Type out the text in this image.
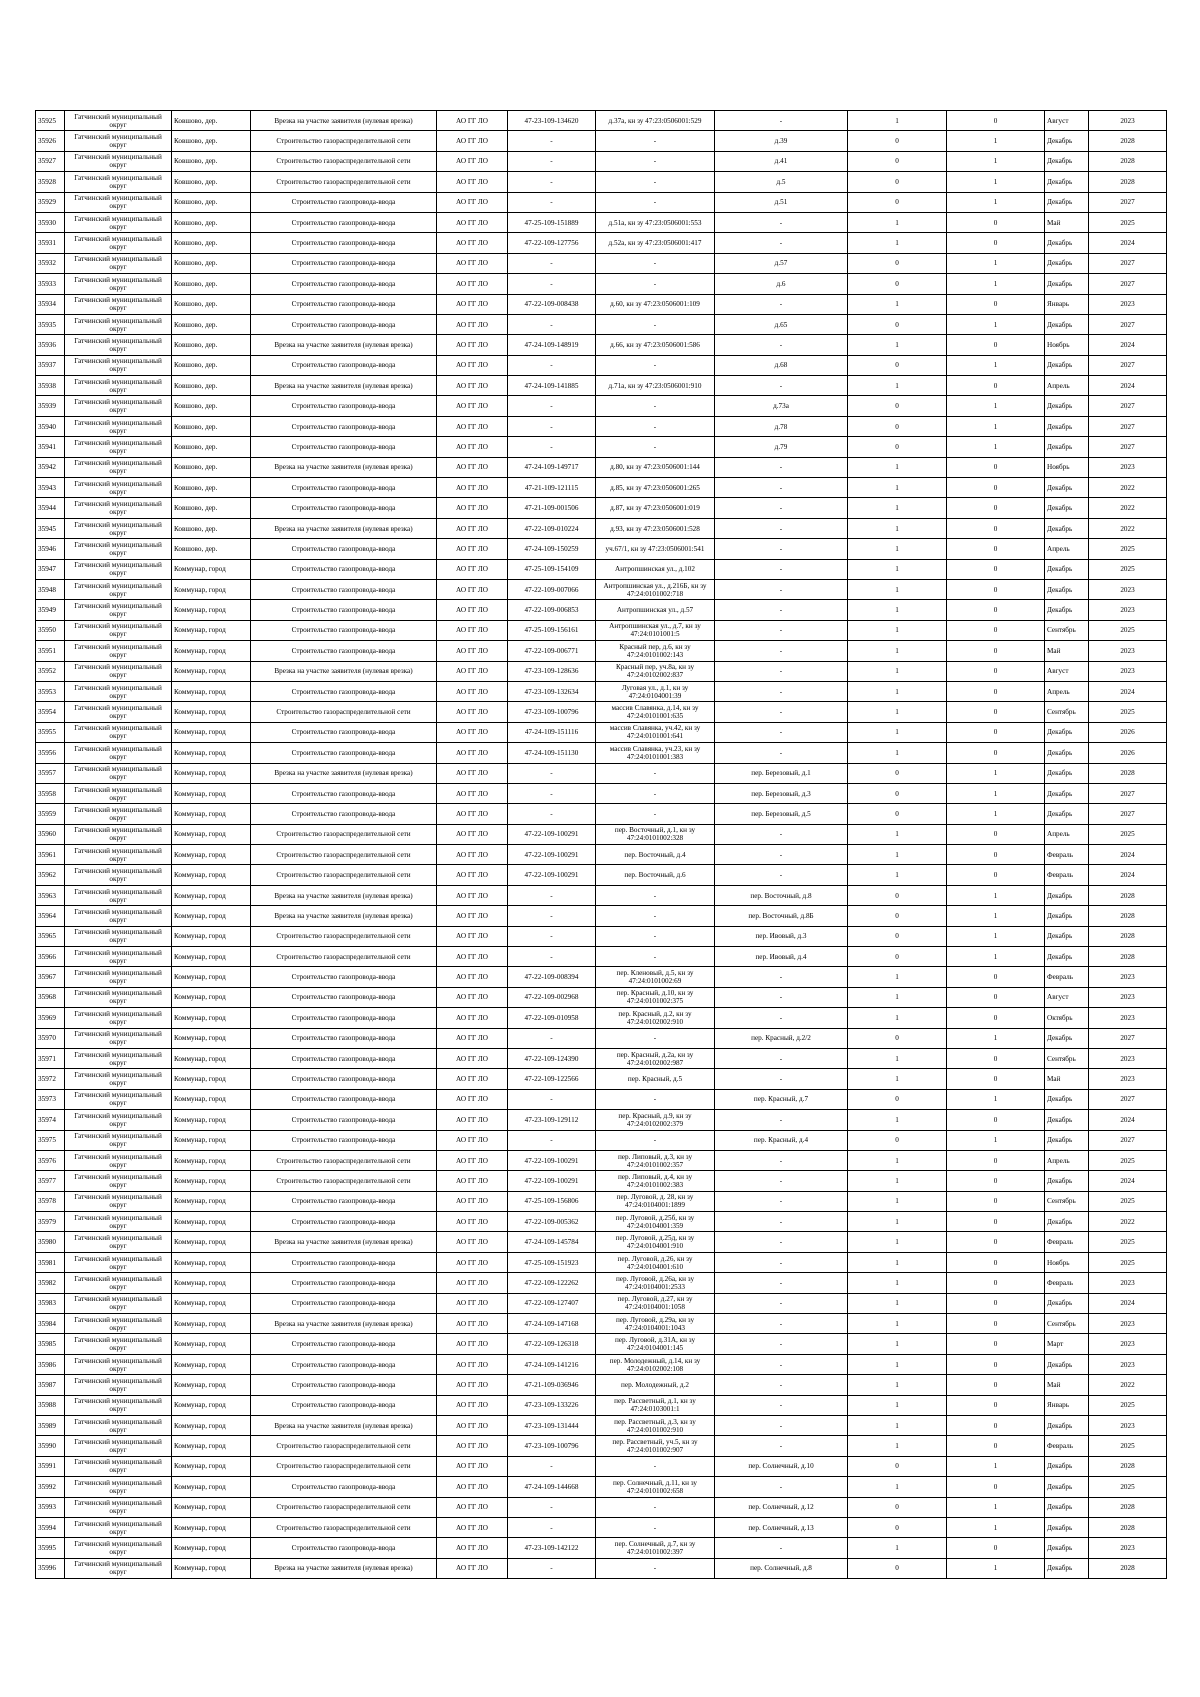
35925	Гатчинский муниципальный округ	Ковшово, дер.	Врезка на участке заявителя (нулевая врезка)	АО ГГ ЛО	47-23-109-134620	д.37а, кн зу 47:23:0506001:529	-	1	0	Август	2023
35926	Гатчинский муниципальный округ	Ковшово, дер.	Строительство газораспределительной сети	АО ГГ ЛО	-	-	д.39	0	1	Декабрь	2028
35927	Гатчинский муниципальный округ	Ковшово, дер.	Строительство газораспределительной сети	АО ГГ ЛО	-	-	д.41	0	1	Декабрь	2028
35928	Гатчинский муниципальный округ	Ковшово, дер.	Строительство газораспределительной сети	АО ГГ ЛО	-	-	д.5	0	1	Декабрь	2028
35929	Гатчинский муниципальный округ	Ковшово, дер.	Строительство газопровода-ввода	АО ГГ ЛО	-	-	д.51	0	1	Декабрь	2027
35930	Гатчинский муниципальный округ	Ковшово, дер.	Строительство газопровода-ввода	АО ГГ ЛО	47-25-109-151889	д.51а, кн зу 47:23:0506001:553	-	1	0	Май	2025
35931	Гатчинский муниципальный округ	Ковшово, дер.	Строительство газопровода-ввода	АО ГГ ЛО	47-22-109-127756	д.52а, кн зу 47:23:0506001:417	-	1	0	Декабрь	2024
35932	Гатчинский муниципальный округ	Ковшово, дер.	Строительство газопровода-ввода	АО ГГ ЛО	-	-	д.57	0	1	Декабрь	2027
35933	Гатчинский муниципальный округ	Ковшово, дер.	Строительство газопровода-ввода	АО ГГ ЛО	-	-	д.6	0	1	Декабрь	2027
35934	Гатчинский муниципальный округ	Ковшово, дер.	Строительство газопровода-ввода	АО ГГ ЛО	47-22-109-008438	д.60, кн зу 47:23:0506001:109	-	1	0	Январь	2023
35935	Гатчинский муниципальный округ	Ковшово, дер.	Строительство газопровода-ввода	АО ГГ ЛО	-	-	д.65	0	1	Декабрь	2027
35936	Гатчинский муниципальный округ	Ковшово, дер.	Врезка на участке заявителя (нулевая врезка)	АО ГГ ЛО	47-24-109-148919	д.66, кн зу 47:23:0506001:586	-	1	0	Ноябрь	2024
35937	Гатчинский муниципальный округ	Ковшово, дер.	Строительство газопровода-ввода	АО ГГ ЛО	-	-	д.68	0	1	Декабрь	2027
35938	Гатчинский муниципальный округ	Ковшово, дер.	Врезка на участке заявителя (нулевая врезка)	АО ГГ ЛО	47-24-109-141885	д.71а, кн зу 47:23:0506001:910	-	1	0	Апрель	2024
35939	Гатчинский муниципальный округ	Ковшово, дер.	Строительство газопровода-ввода	АО ГГ ЛО	-	-	д.73а	0	1	Декабрь	2027
35940	Гатчинский муниципальный округ	Ковшово, дер.	Строительство газопровода-ввода	АО ГГ ЛО	-	-	д.78	0	1	Декабрь	2027
35941	Гатчинский муниципальный округ	Ковшово, дер.	Строительство газопровода-ввода	АО ГГ ЛО	-	-	д.79	0	1	Декабрь	2027
35942	Гатчинский муниципальный округ	Ковшово, дер.	Врезка на участке заявителя (нулевая врезка)	АО ГГ ЛО	47-24-109-149717	д.80, кн зу 47:23:0506001:144	-	1	0	Ноябрь	2023
35943	Гатчинский муниципальный округ	Ковшово, дер.	Строительство газопровода-ввода	АО ГГ ЛО	47-21-109-121115	д.85, кн зу 47:23:0506001:265	-	1	0	Декабрь	2022
35944	Гатчинский муниципальный округ	Ковшово, дер.	Строительство газопровода-ввода	АО ГГ ЛО	47-21-109-001506	д.87, кн зу 47:23:0506001:019	-	1	0	Декабрь	2022
35945	Гатчинский муниципальный округ	Ковшово, дер.	Врезка на участке заявителя (нулевая врезка)	АО ГГ ЛО	47-22-109-010224	д.93, кн зу 47:23:0506001:528	-	1	0	Декабрь	2022
35946	Гатчинский муниципальный округ	Ковшово, дер.	Строительство газопровода-ввода	АО ГГ ЛО	47-24-109-150259	уч.67/1, кн зу 47:23:0506001:541	-	1	0	Апрель	2025
35947	Гатчинский муниципальный округ	Коммунар, город	Строительство газопровода-ввода	АО ГГ ЛО	47-25-109-154109	Антропшинская ул., д.102	-	1	0	Декабрь	2025
35948	Гатчинский муниципальный округ	Коммунар, город	Строительство газопровода-ввода	АО ГГ ЛО	47-22-109-007066	Антропшинская ул., д.216Б, кн зу 47:24:0101002:718	-	1	0	Декабрь	2023
35949	Гатчинский муниципальный округ	Коммунар, город	Строительство газопровода-ввода	АО ГГ ЛО	47-22-109-006853	Антропшинская ул., д.57	-	1	0	Декабрь	2023
35950	Гатчинский муниципальный округ	Коммунар, город	Строительство газопровода-ввода	АО ГГ ЛО	47-25-109-156161	Антропшинская ул., д.7, кн зу 47:24:0101001:5	-	1	0	Сентябрь	2025
35951	Гатчинский муниципальный округ	Коммунар, город	Строительство газопровода-ввода	АО ГГ ЛО	47-22-109-006771	Красный пер, д.6, кн зу 47:24:0101002:143	-	1	0	Май	2023
35952	Гатчинский муниципальный округ	Коммунар, город	Врезка на участке заявителя (нулевая врезка)	АО ГГ ЛО	47-23-109-128636	Красный пер, уч.8а, кн зу 47:24:0102002:837	-	1	0	Август	2023
35953	Гатчинский муниципальный округ	Коммунар, город	Строительство газопровода-ввода	АО ГГ ЛО	47-23-109-132634	Луговая ул., д.1, кн зу 47:24:0104001:39	-	1	0	Апрель	2024
35954	Гатчинский муниципальный округ	Коммунар, город	Строительство газораспределительной сети	АО ГГ ЛО	47-23-109-100796	массив Славянка, д.14, кн зу 47:24:0101001:635	-	1	0	Сентябрь	2025
35955	Гатчинский муниципальный округ	Коммунар, город	Строительство газопровода-ввода	АО ГГ ЛО	47-24-109-151116	массив Славянка, уч.42, кн зу 47:24:0101001:641	-	1	0	Декабрь	2026
35956	Гатчинский муниципальный округ	Коммунар, город	Строительство газопровода-ввода	АО ГГ ЛО	47-24-109-151130	массив Славянка, уч.23, кн зу 47:24:0101001:383	-	1	0	Декабрь	2026
35957	Гатчинский муниципальный округ	Коммунар, город	Врезка на участке заявителя (нулевая врезка)	АО ГГ ЛО	-	-	пер. Березовый, д.1	0	1	Декабрь	2028
35958	Гатчинский муниципальный округ	Коммунар, город	Строительство газопровода-ввода	АО ГГ ЛО	-	-	пер. Березовый, д.3	0	1	Декабрь	2027
35959	Гатчинский муниципальный округ	Коммунар, город	Строительство газопровода-ввода	АО ГГ ЛО	-	-	пер. Березовый, д.5	0	1	Декабрь	2027
35960	Гатчинский муниципальный округ	Коммунар, город	Строительство газораспределительной сети	АО ГГ ЛО	47-22-109-100291	пер. Восточный, д.1, кн зу 47:24:0101002:328	-	1	0	Апрель	2025
35961	Гатчинский муниципальный округ	Коммунар, город	Строительство газораспределительной сети	АО ГГ ЛО	47-22-109-100291	пер. Восточный, д.4	-	1	0	Февраль	2024
35962	Гатчинский муниципальный округ	Коммунар, город	Строительство газораспределительной сети	АО ГГ ЛО	47-22-109-100291	пер. Восточный, д.6	-	1	0	Февраль	2024
35963	Гатчинский муниципальный округ	Коммунар, город	Врезка на участке заявителя (нулевая врезка)	АО ГГ ЛО	-	-	пер. Восточный, д.8	0	1	Декабрь	2028
35964	Гатчинский муниципальный округ	Коммунар, город	Врезка на участке заявителя (нулевая врезка)	АО ГГ ЛО	-	-	пер. Восточный, д.8Б	0	1	Декабрь	2028
35965	Гатчинский муниципальный округ	Коммунар, город	Строительство газораспределительной сети	АО ГГ ЛО	-	-	пер. Ивовый, д.3	0	1	Декабрь	2028
35966	Гатчинский муниципальный округ	Коммунар, город	Строительство газораспределительной сети	АО ГГ ЛО	-	-	пер. Ивовый, д.4	0	1	Декабрь	2028
35967	Гатчинский муниципальный округ	Коммунар, город	Строительство газопровода-ввода	АО ГГ ЛО	47-22-109-008394	пер. Кленовый, д.5, кн зу 47:24:0101002:69	-	1	0	Февраль	2023
35968	Гатчинский муниципальный округ	Коммунар, город	Строительство газопровода-ввода	АО ГГ ЛО	47-22-109-002968	пер. Красный, д.10, кн зу 47:24:0101002:375	-	1	0	Август	2023
35969	Гатчинский муниципальный округ	Коммунар, город	Строительство газопровода-ввода	АО ГГ ЛО	47-22-109-010958	пер. Красный, д.2, кн зу 47:24:0102002:910	-	1	0	Октябрь	2023
35970	Гатчинский муниципальный округ	Коммунар, город	Строительство газопровода-ввода	АО ГГ ЛО	-	-	пер. Красный, д.2/2	0	1	Декабрь	2027
35971	Гатчинский муниципальный округ	Коммунар, город	Строительство газопровода-ввода	АО ГГ ЛО	47-22-109-124390	пер. Красный, д.2а, кн зу 47:24:0102002:987	-	1	0	Сентябрь	2023
35972	Гатчинский муниципальный округ	Коммунар, город	Строительство газопровода-ввода	АО ГГ ЛО	47-22-109-122566	пер. Красный, д.5	-	1	0	Май	2023
35973	Гатчинский муниципальный округ	Коммунар, город	Строительство газопровода-ввода	АО ГГ ЛО	-	-	пер. Красный, д.7	0	1	Декабрь	2027
35974	Гатчинский муниципальный округ	Коммунар, город	Строительство газопровода-ввода	АО ГГ ЛО	47-23-109-129112	пер. Красный, д.9, кн зу 47:24:0102002:379	-	1	0	Декабрь	2024
35975	Гатчинский муниципальный округ	Коммунар, город	Строительство газопровода-ввода	АО ГГ ЛО	-	-	пер. Красный, д.4	0	1	Декабрь	2027
35976	Гатчинский муниципальный округ	Коммунар, город	Строительство газораспределительной сети	АО ГГ ЛО	47-22-109-100291	пер. Липовый, д.3, кн зу 47:24:0101002:357	-	1	0	Апрель	2025
35977	Гатчинский муниципальный округ	Коммунар, город	Строительство газораспределительной сети	АО ГГ ЛО	47-22-109-100291	пер. Липовый, д.4, кн зу 47:24:0101002:383	-	1	0	Декабрь	2024
35978	Гатчинский муниципальный округ	Коммунар, город	Строительство газопровода-ввода	АО ГГ ЛО	47-25-109-156806	пер. Луговой, д. 28, кн зу 47:24:0104001:1899	-	1	0	Сентябрь	2025
35979	Гатчинский муниципальный округ	Коммунар, город	Строительство газопровода-ввода	АО ГГ ЛО	47-22-109-005362	пер. Луговой, д.25б, кн зу 47:24:0104001:359	-	1	0	Декабрь	2022
35980	Гатчинский муниципальный округ	Коммунар, город	Врезка на участке заявителя (нулевая врезка)	АО ГГ ЛО	47-24-109-145784	пер. Луговой, д.25д, кн зу 47:24:0104001:910	-	1	0	Февраль	2025
35981	Гатчинский муниципальный округ	Коммунар, город	Строительство газопровода-ввода	АО ГГ ЛО	47-25-109-151923	пер. Луговой, д.26, кн зу 47:24:0104001:610	-	1	0	Ноябрь	2025
35982	Гатчинский муниципальный округ	Коммунар, город	Строительство газопровода-ввода	АО ГГ ЛО	47-22-109-122262	пер. Луговой, д.26а, кн зу 47:24:0104001:2533	-	1	0	Февраль	2023
35983	Гатчинский муниципальный округ	Коммунар, город	Строительство газопровода-ввода	АО ГГ ЛО	47-22-109-127407	пер. Луговой, д.27, кн зу 47:24:0104001:1058	-	1	0	Декабрь	2024
35984	Гатчинский муниципальный округ	Коммунар, город	Врезка на участке заявителя (нулевая врезка)	АО ГГ ЛО	47-24-109-147168	пер. Луговой, д.29а, кн зу 47:24:0104001:1043	-	1	0	Сентябрь	2023
35985	Гатчинский муниципальный округ	Коммунар, город	Строительство газопровода-ввода	АО ГГ ЛО	47-22-109-126318	пер. Луговой, д.31А, кн зу 47:24:0104001:145	-	1	0	Март	2023
35986	Гатчинский муниципальный округ	Коммунар, город	Строительство газопровода-ввода	АО ГГ ЛО	47-24-109-141216	пер. Молодежный, д.14, кн зу 47:24:0102002:108	-	1	0	Декабрь	2023
35987	Гатчинский муниципальный округ	Коммунар, город	Строительство газопровода-ввода	АО ГГ ЛО	47-21-109-036946	пер. Молодежный, д.2	-	1	0	Май	2022
35988	Гатчинский муниципальный округ	Коммунар, город	Строительство газопровода-ввода	АО ГГ ЛО	47-23-109-133226	пер. Рассветный, д.1, кн зу 47:24:0103001:1	-	1	0	Январь	2025
35989	Гатчинский муниципальный округ	Коммунар, город	Врезка на участке заявителя (нулевая врезка)	АО ГГ ЛО	47-23-109-131444	пер. Рассветный, д.3, кн зу 47:24:0101002:910	-	1	0	Декабрь	2023
35990	Гатчинский муниципальный округ	Коммунар, город	Строительство газораспределительной сети	АО ГГ ЛО	47-23-109-100796	пер. Рассветный, уч.5, кн зу 47:24:0101002:907	-	1	0	Февраль	2025
35991	Гатчинский муниципальный округ	Коммунар, город	Строительство газораспределительной сети	АО ГГ ЛО	-	-	пер. Солнечный, д.10	0	1	Декабрь	2028
35992	Гатчинский муниципальный округ	Коммунар, город	Строительство газопровода-ввода	АО ГГ ЛО	47-24-109-144668	пер. Солнечный, д.11, кн зу 47:24:0101002:658	-	1	0	Декабрь	2025
35993	Гатчинский муниципальный округ	Коммунар, город	Строительство газораспределительной сети	АО ГГ ЛО	-	-	пер. Солнечный, д.12	0	1	Декабрь	2028
35994	Гатчинский муниципальный округ	Коммунар, город	Строительство газораспределительной сети	АО ГГ ЛО	-	-	пер. Солнечный, д.13	0	1	Декабрь	2028
35995	Гатчинский муниципальный округ	Коммунар, город	Строительство газопровода-ввода	АО ГГ ЛО	47-23-109-142122	пер. Солнечный, д.7, кн зу 47:24:0101002:397	-	1	0	Декабрь	2023
35996	Гатчинский муниципальный округ	Коммунар, город	Врезка на участке заявителя (нулевая врезка)	АО ГГ ЛО	-	-	пер. Солнечный, д.8	0	1	Декабрь	2028
